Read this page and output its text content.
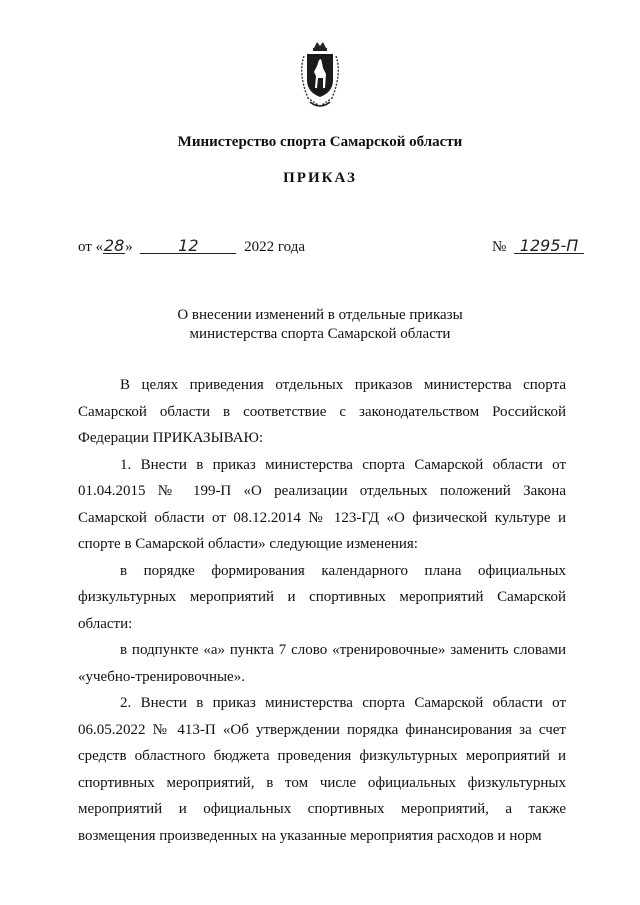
Министерство спорта Самарской области
ПРИКАЗ
от «28»	12	2022 года	№ 1295-П
О внесении изменений в отдельные приказы
министерства спорта Самарской области

В целях приведения отдельных приказов министерства спорта Самарской области в соответствие с законодательством Российской Федерации ПРИКАЗЫВАЮ:

1. Внести в приказ министерства спорта Самарской области от 01.04.2015 № 199-П «О реализации отдельных положений Закона Самарской области от 08.12.2014 № 123-ГД «О физической культуре и спорте в Самарской области» следующие изменения:

в порядке формирования календарного плана официальных физкультурных мероприятий и спортивных мероприятий Самарской области:

в подпункте «а» пункта 7 слово «тренировочные» заменить словами «учебно-тренировочные».

2. Внести в приказ министерства спорта Самарской области от 06.05.2022 № 413-П «Об утверждении порядка финансирования за счет средств областного бюджета проведения физкультурных мероприятий и спортивных мероприятий, в том числе официальных физкультурных мероприятий и официальных спортивных мероприятий, а также возмещения произведенных на указанные мероприятия расходов и норм
